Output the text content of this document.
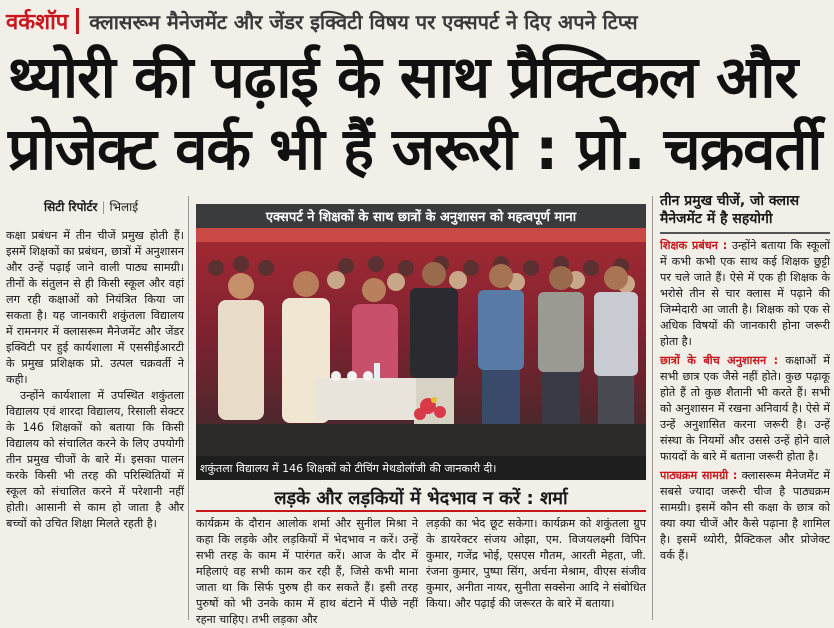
वर्कशॉप क्लासरूम मैनेजमेंट और जेंडर इक्विटी विषय पर एक्सपर्ट ने दिए अपने टिप्स
थ्योरी की पढ़ाई के साथ प्रैक्टिकल और
प्रोजेक्ट वर्क भी हैं जरूरी : प्रो. चक्रवर्ती
सिटी रिपोर्टर | भिलाई

कक्षा प्रबंधन में तीन चीजें प्रमुख होती हैं। इसमें शिक्षकों का प्रबंधन, छात्रों में अनुशासन और उन्हें पढ़ाई जाने वाली पाठ्य सामग्री। तीनों के संतुलन से ही किसी स्कूल और वहां लग रही कक्षाओं को नियंत्रित किया जा सकता है। यह जानकारी शकुंतला विद्यालय में रामनगर में क्लासरूम मैनेजमेंट और जेंडर इक्विटी पर हुई कार्यशाला में एससीईआरटी के प्रमुख प्रशिक्षक प्रो. उत्पल चक्रवर्ती ने कही।

उन्होंने कार्यशाला में उपस्थित शकुंतला विद्यालय एवं शारदा विद्यालय, रिसाली सेक्टर के 146 शिक्षकों को बताया कि किसी विद्यालय को संचालित करने के लिए उपयोगी तीन प्रमुख चीजों के बारे में। इसका पालन करके किसी भी तरह की परिस्थितियों में स्कूल को संचालित करने में परेशानी नहीं होती। आसानी से काम हो जाता है और बच्चों को उचित शिक्षा मिलते रहती है।

एक्सपर्ट ने शिक्षकों के साथ छात्रों के अनुशासन को महत्वपूर्ण माना
शकुंतला विद्यालय में 146 शिक्षकों को टीचिंग मेथडोलॉजी की जानकारी दी।
लड़के और लड़कियों में भेदभाव न करें : शर्मा

कार्यक्रम के दौरान आलोक शर्मा और सुनील मिश्रा ने कहा कि लड़के और लड़कियों में भेदभाव न करें। उन्हें सभी तरह के काम में पारंगत करें। आज के दौर में महिलाएं वह सभी काम कर रही हैं, जिसे कभी माना जाता था कि सिर्फ पुरुष ही कर सकते हैं। इसी तरह पुरुषों को भी उनके काम में हाथ बंटाने में पीछे नहीं रहना चाहिए। तभी लड़का और

लड़की का भेद छूट सकेगा। कार्यक्रम को शकुंतला ग्रुप के डायरेक्टर संजय ओझा, एम. विजयलक्ष्मी विपिन कुमार, गजेंद्र भोई, एसएस गौतम, आरती मेहता, जी. रंजना कुमार, पुष्पा सिंग, अर्चना मेश्राम, वीएस संजीव कुमार, अनीता नायर, सुनीता सक्सेना आदि ने संबोधित किया। और पढ़ाई की जरूरत के बारे में बताया।

तीन प्रमुख चीजें, जो क्लास मैनेजमेंट में है सहयोगी

शिक्षक प्रबंधन : उन्होंने बताया कि स्कूलों में कभी कभी एक साथ कई शिक्षक छुट्टी पर चले जाते हैं। ऐसे में एक ही शिक्षक के भरोसे तीन से चार क्लास में पढ़ाने की जिम्मेदारी आ जाती है। शिक्षक को एक से अधिक विषयों की जानकारी होना जरूरी होता है।

छात्रों के बीच अनुशासन : कक्षाओं में सभी छात्र एक जैसे नहीं होते। कुछ पढ़ाकू होते हैं तो कुछ शैतानी भी करते हैं। सभी को अनुशासन में रखना अनिवार्य है। ऐसे में उन्हें अनुशासित करना जरूरी है। उन्हें संस्था के नियमों और उससे उन्हें होने वाले फायदों के बारे में बताना जरूरी होता है।

पाठ्यक्रम सामग्री : क्लासरूम मैनेजमेंट में सबसे ज्यादा जरूरी चीज है पाठ्यक्रम सामग्री। इसमें कौन सी कक्षा के छात्र को क्या क्या चीजें और कैसे पढ़ाना है शामिल है। इसमें थ्योरी, प्रैक्टिकल और प्रोजेक्ट वर्क हैं।
